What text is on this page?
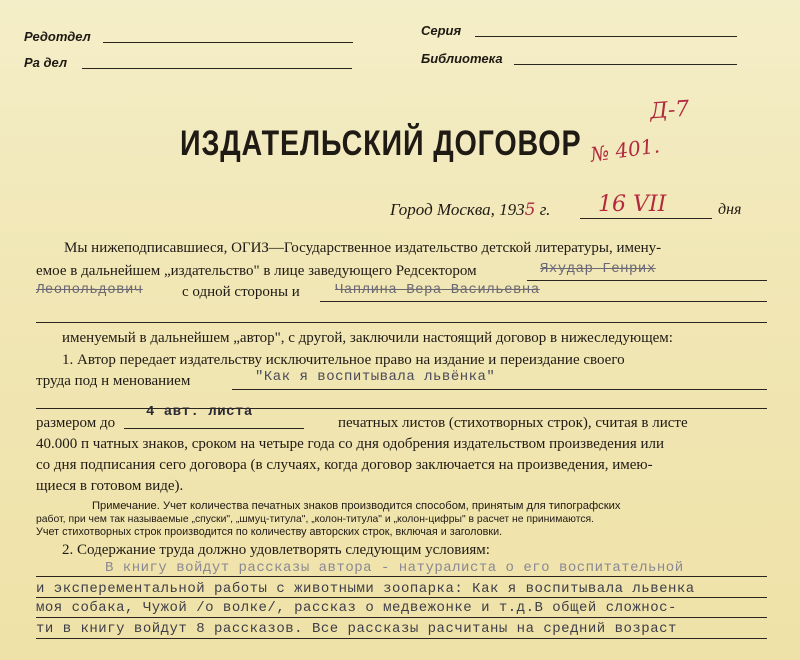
Редотдел
Ра дел
Серия
Библиотека
Д-7
№ 401.
ИЗДАТЕЛЬСКИЙ ДОГОВОР
Город Москва, 1935 г. 16 VII	дня
Мы нижеподписавшиеся, ОГИЗ—Государственное издательство детской литературы, имену-
емое в дальнейшем „издательство" в лице заведующего Редсектором	Яхудар Генрих
Леопольдович	с одной стороны и	Чаплина Вера Васильевна
именуемый в дальнейшем „автор", с другой, заключили настоящий договор в нижеследующем:
1. Автор передает издательству исключительное право на издание и переиздание своего
труда под н менованием	"Как я воспитывала львёнка"
размером до
4 авт. листа
печатных листов (стихотворных строк), считая в листе
40.000 п чатных знаков, сроком на четыре года со дня одобрения издательством произведения или
со дня подписания сего договора (в случаях, когда договор заключается на произведения, имею-
щиеся в готовом виде).
Примечание. Учет количества печатных знаков производится способом, принятым для типографских
работ, при чем так называемые „спуски", „шмуц-титула", „колон-титула" и „колон-цифры" в расчет не принимаются.
Учет стихотворных строк производится по количеству авторских строк, включая и заголовки.
2. Содержание труда должно удовлетворять следующим условиям:
В книгу войдут рассказы автора - натуралиста о его воспитательной
и эксперементальной работы с животными зоопарка: Как я воспитывала львенка
моя собака, Чужой /о волке/, рассказ о медвежонке и т.д.В общей сложнос-
ти в книгу войдут 8 рассказов. Все рассказы расчитаны на средний возраст
